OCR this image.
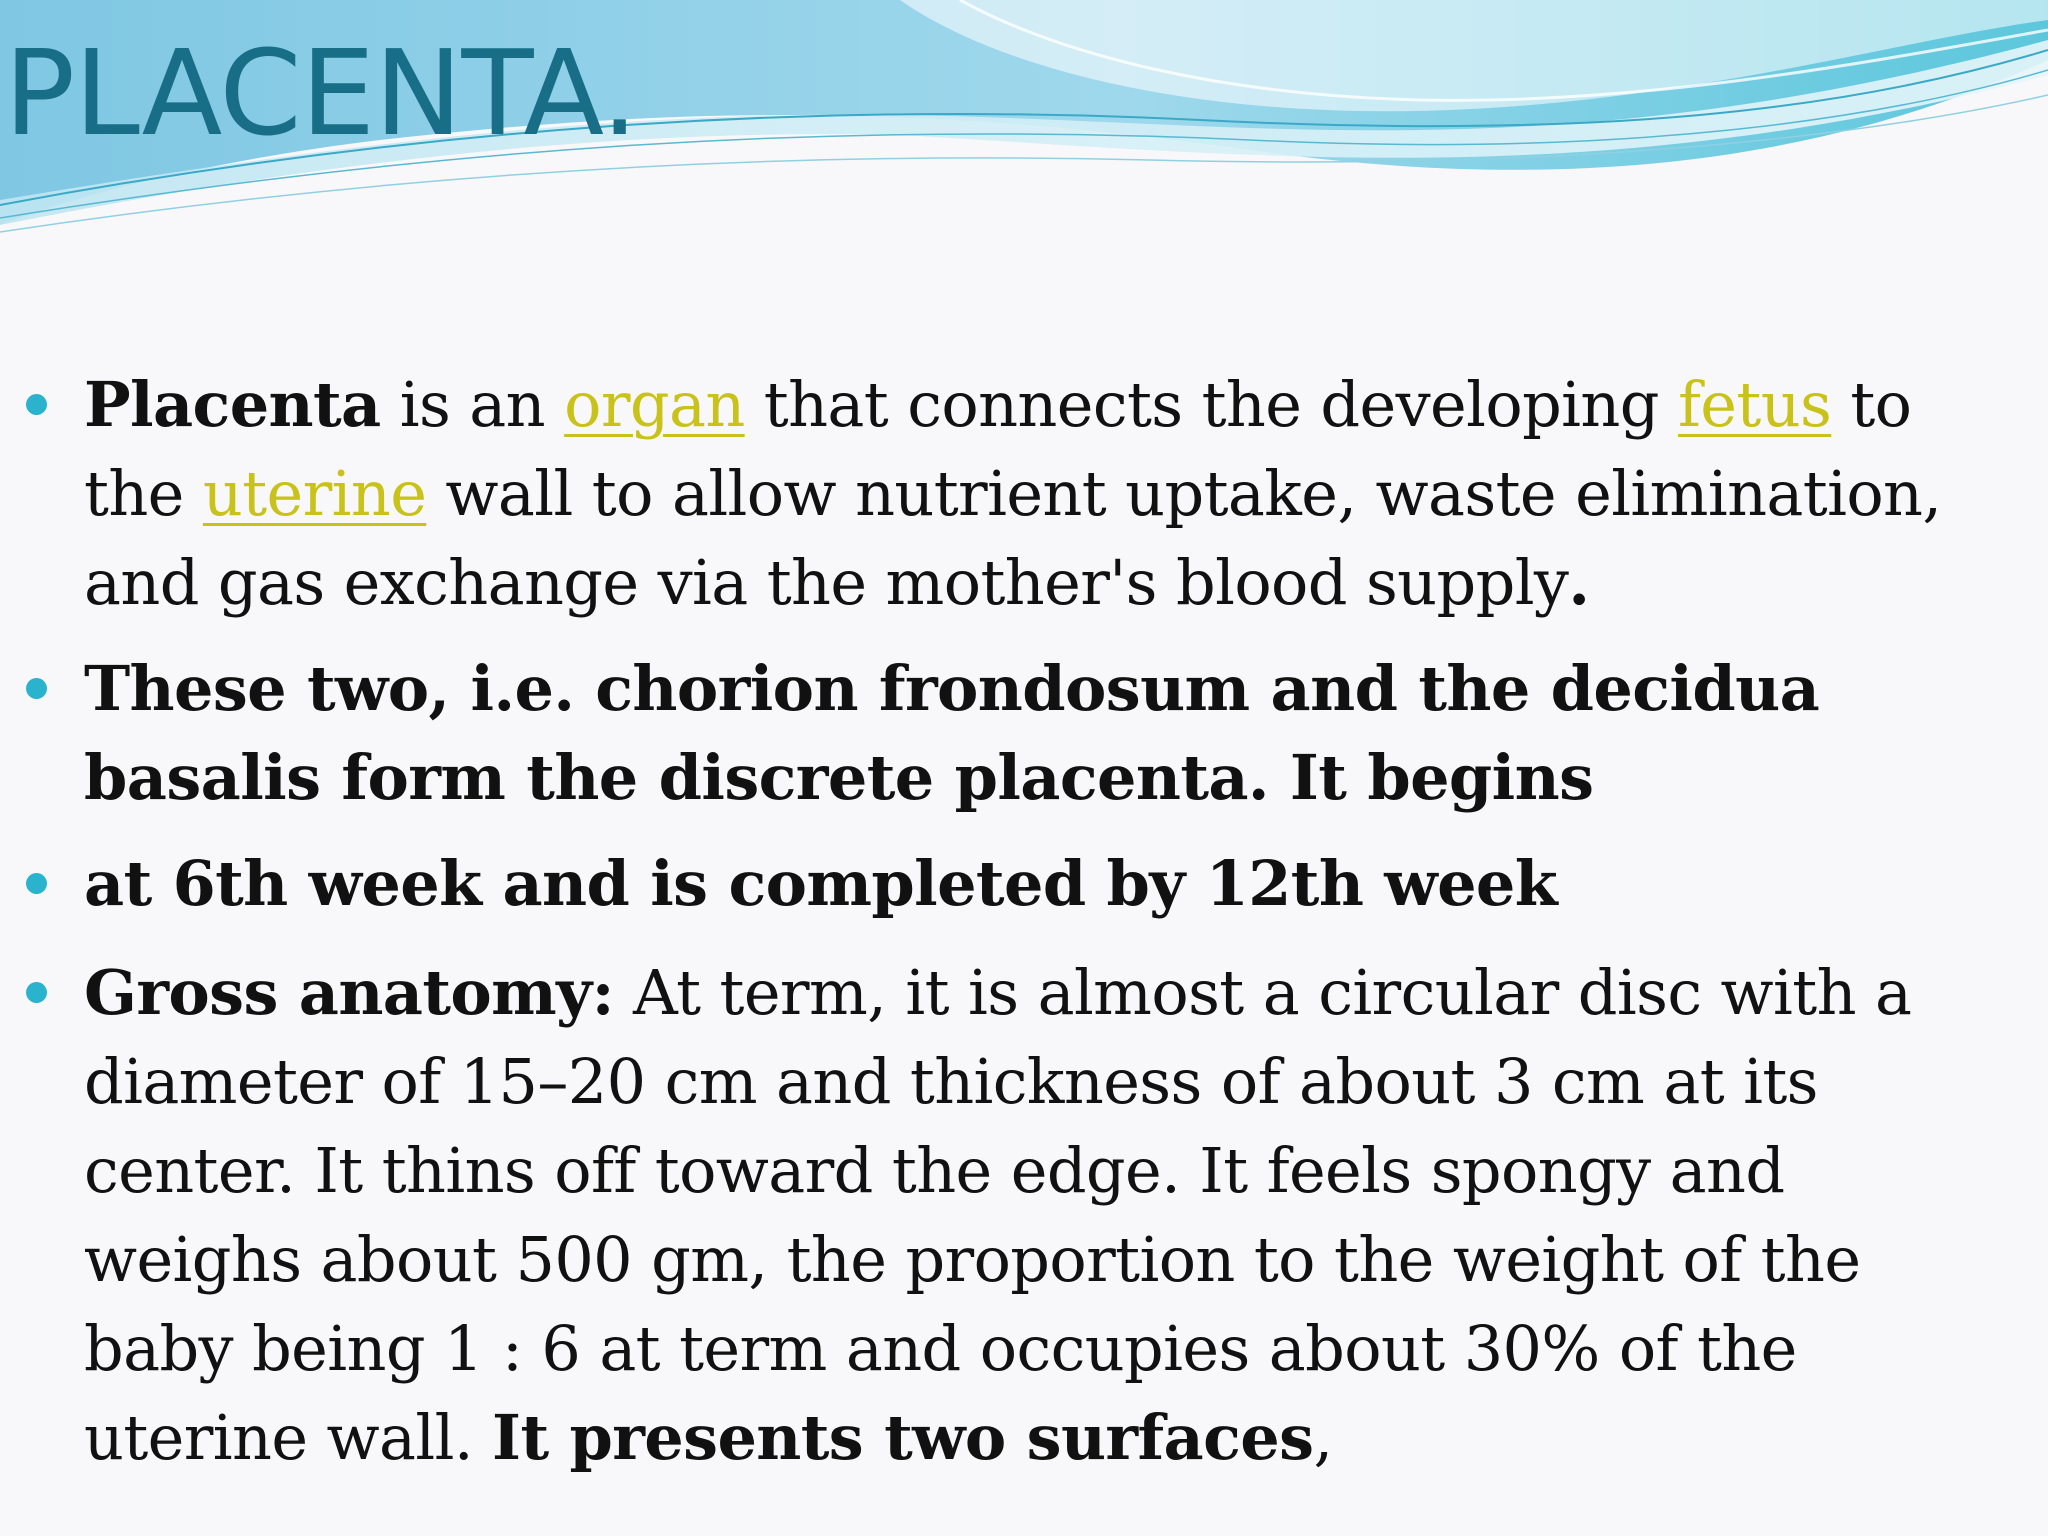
PLACENTA.
Placenta is an organ that connects the developing fetus to the uterine wall to allow nutrient uptake, waste elimination, and gas exchange via the mother's blood supply.
These two, i.e. chorion frondosum and the decidua basalis form the discrete placenta. It begins
at 6th week and is completed by 12th week
Gross anatomy: At term, it is almost a circular disc with a diameter of 15–20 cm and thickness of about 3 cm at its center. It thins off toward the edge. It feels spongy and weighs about 500 gm, the proportion to the weight of the baby being 1 : 6 at term and occupies about 30% of the uterine wall. It presents two surfaces,
